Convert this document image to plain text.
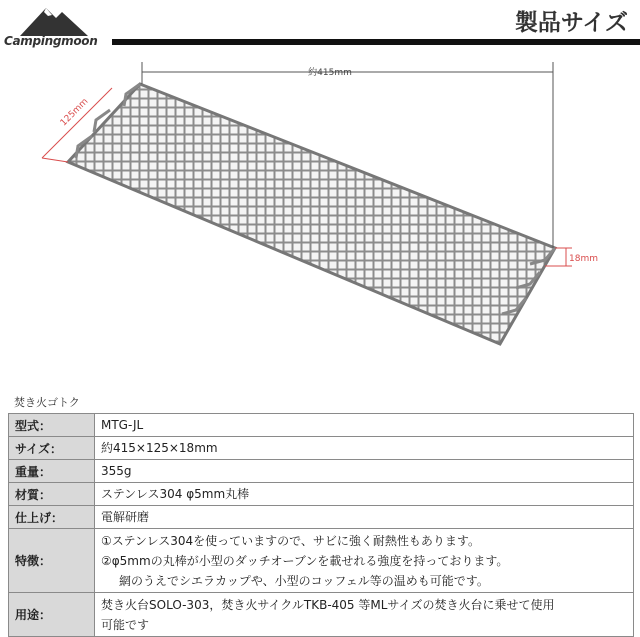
Campingmoon
製品サイズ
約415mm
125mm
18mm
焚き火ゴトク
型式：	MTG-JL

サイズ：	約415×125×18mm

重量：	355g

材質：	ステンレス304 φ5mm丸棒

仕上げ：	電解研磨

特徴：	①ステンレス304を使っていますので、サビに強く耐熱性もあります。
②φ5mmの丸棒が小型のダッチオーブンを載せれる強度を持っております。
網のうえでシエラカップや、小型のコッフェル等の温めも可能です。

用途：	焚き火台SOLO-303，焚き火サイクルTKB-405 等MLサイズの焚き火台に乗せて使用
可能です
